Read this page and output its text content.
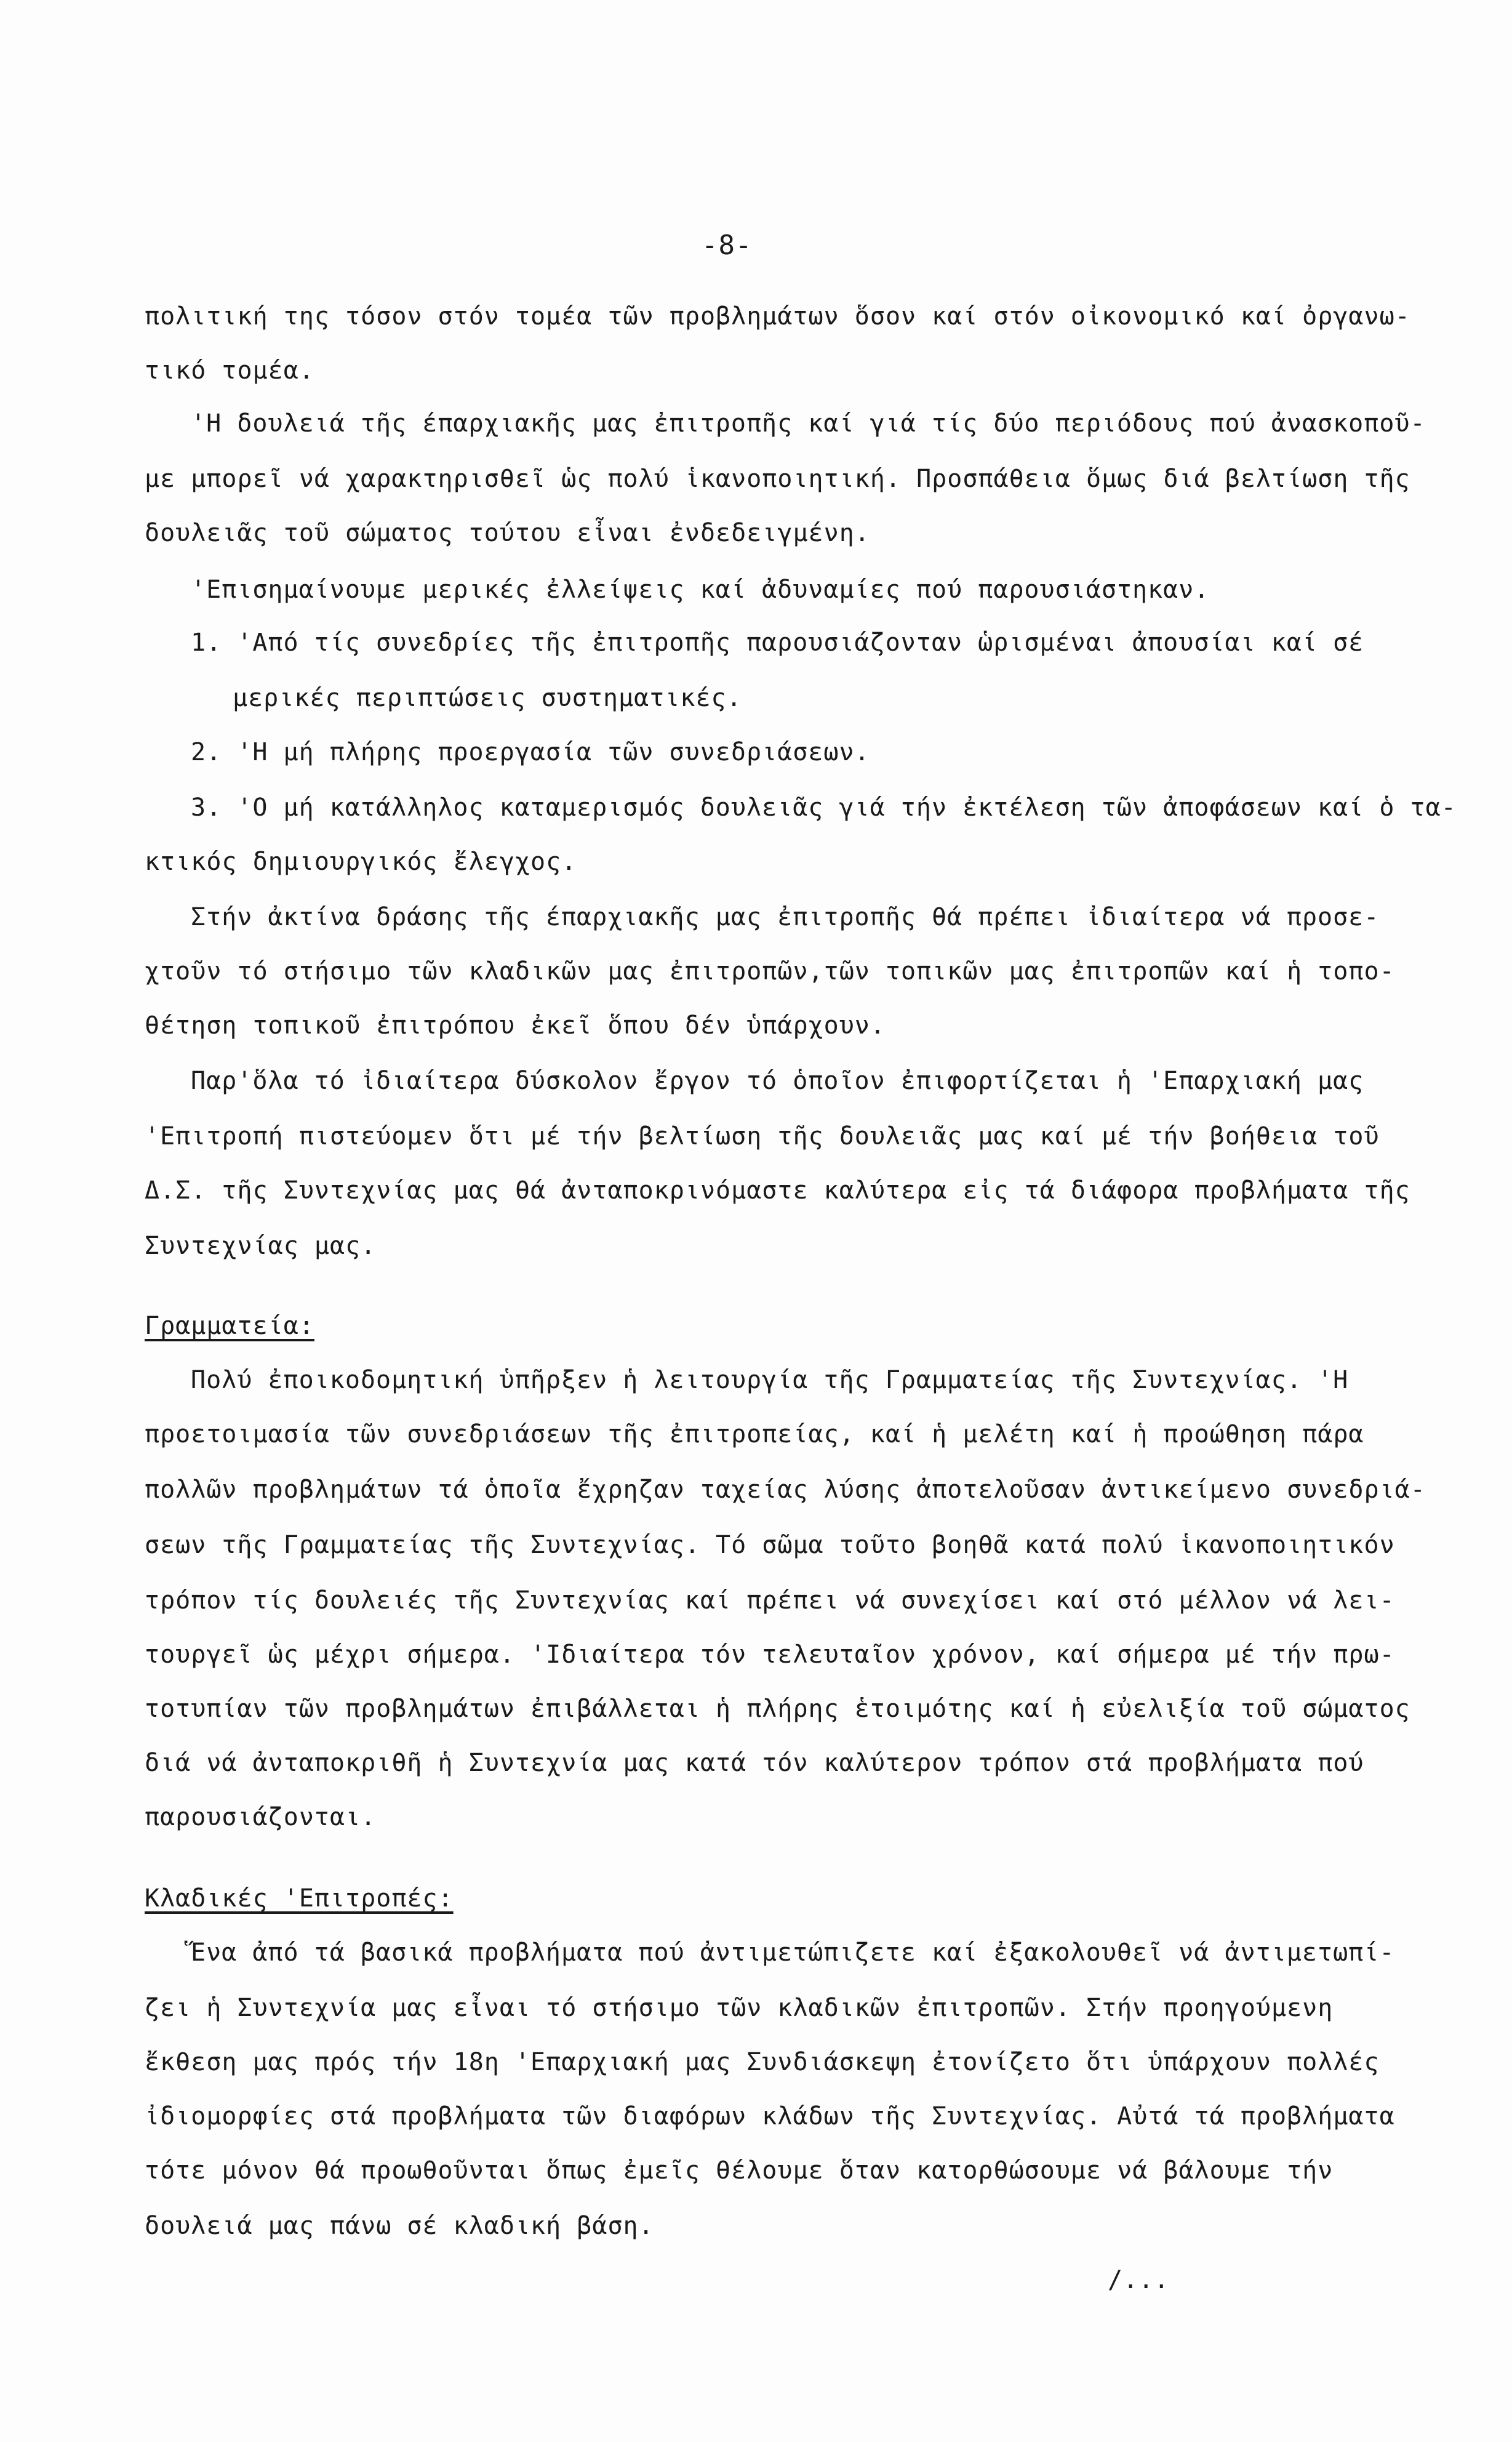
-8-
πολιτική της τόσον στόν τομέα τῶν προβλημάτων ὅσον καί στόν οἰκονομικό καί ὀργανω-
τικό τομέα.
'Η δουλειά τῆς έπαρχιακῆς μας ἐπιτροπῆς καί γιά τίς δύο περιόδους πού ἀνασκοποῦ-
με μπορεῖ νά χαρακτηρισθεῖ ὡς πολύ ἱκανοποιητική. Προσπάθεια ὅμως διά βελτίωση τῆς
δουλειᾶς τοῦ σώματος τούτου εἶναι ἐνδεδειγμένη.
'Επισημαίνουμε μερικές ἐλλείψεις καί ἀδυναμίες πού παρουσιάστηκαν.
1. 'Από τίς συνεδρίες τῆς ἐπιτροπῆς παρουσιάζονταν ὡρισμέναι ἀπουσίαι καί σέ
μερικές περιπτώσεις συστηματικές.
2. 'Η μή πλήρης προεργασία τῶν συνεδριάσεων.
3. 'Ο μή κατάλληλος καταμερισμός δουλειᾶς γιά τήν ἐκτέλεση τῶν ἀποφάσεων καί ὁ τα-
κτικός δημιουργικός ἔλεγχος.
Στήν ἀκτίνα δράσης τῆς έπαρχιακῆς μας ἐπιτροπῆς θά πρέπει ἰδιαίτερα νά προσε-
χτοῦν τό στήσιμο τῶν κλαδικῶν μας ἐπιτροπῶν,τῶν τοπικῶν μας ἐπιτροπῶν καί ἡ τοπο-
θέτηση τοπικοῦ ἐπιτρόπου ἐκεῖ ὅπου δέν ὑπάρχουν.
Παρ'ὅλα τό ἰδιαίτερα δύσκολον ἔργον τό ὁποῖον ἐπιφορτίζεται ἡ 'Επαρχιακή μας
'Επιτροπή πιστεύομεν ὅτι μέ τήν βελτίωση τῆς δουλειᾶς μας καί μέ τήν βοήθεια τοῦ
Δ.Σ. τῆς Συντεχνίας μας θά ἀνταποκρινόμαστε καλύτερα εἰς τά διάφορα προβλήματα τῆς
Συντεχνίας μας.
Γραμματεία:
Πολύ ἐποικοδομητική ὑπῆρξεν ἡ λειτουργία τῆς Γραμματείας τῆς Συντεχνίας. 'Η
προετοιμασία τῶν συνεδριάσεων τῆς ἐπιτροπείας, καί ἡ μελέτη καί ἡ προώθηση πάρα
πολλῶν προβλημάτων τά ὁποῖα ἔχρηζαν ταχείας λύσης ἀποτελοῦσαν ἀντικείμενο συνεδριά-
σεων τῆς Γραμματείας τῆς Συντεχνίας. Τό σῶμα τοῦτο βοηθᾶ κατά πολύ ἱκανοποιητικόν
τρόπον τίς δουλειές τῆς Συντεχνίας καί πρέπει νά συνεχίσει καί στό μέλλον νά λει-
τουργεῖ ὡς μέχρι σήμερα. 'Ιδιαίτερα τόν τελευταῖον χρόνον, καί σήμερα μέ τήν πρω-
τοτυπίαν τῶν προβλημάτων ἐπιβάλλεται ἡ πλήρης ἑτοιμότης καί ἡ εὐελιξία τοῦ σώματος
διά νά ἀνταποκριθῆ ἡ Συντεχνία μας κατά τόν καλύτερον τρόπον στά προβλήματα πού
παρουσιάζονται.
Κλαδικές 'Επιτροπές:
Ἕνα ἀπό τά βασικά προβλήματα πού ἀντιμετώπιζετε καί ἐξακολουθεῖ νά ἀντιμετωπί-
ζει ἡ Συντεχνία μας εἶναι τό στήσιμο τῶν κλαδικῶν ἐπιτροπῶν. Στήν προηγούμενη
ἔκθεση μας πρός τήν 18η 'Επαρχιακή μας Συνδιάσκεψη ἐτονίζετο ὅτι ὑπάρχουν πολλές
ἰδιομορφίες στά προβλήματα τῶν διαφόρων κλάδων τῆς Συντεχνίας. Αὐτά τά προβλήματα
τότε μόνον θά προωθοῦνται ὅπως ἐμεῖς θέλουμε ὅταν κατορθώσουμε νά βάλουμε τήν
δουλειά μας πάνω σέ κλαδική βάση.
/...
